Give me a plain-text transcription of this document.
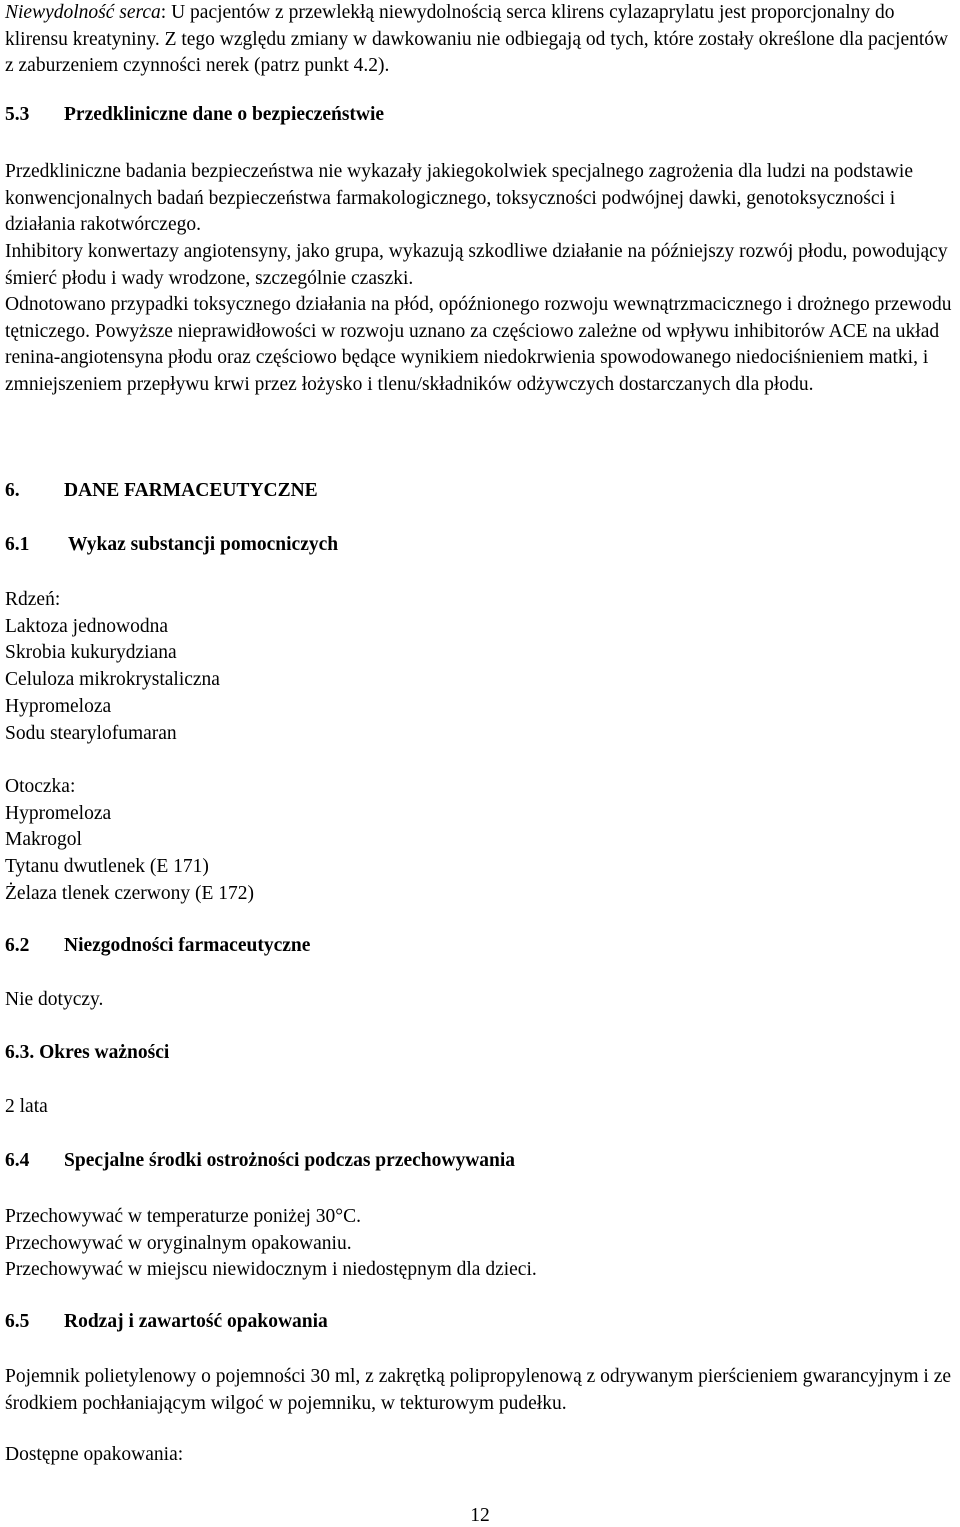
Niewydolność serca: U pacjentów z przewlekłą niewydolnością serca klirens cylazaprylatu jest proporcjonalny do klirensu kreatyniny. Z tego względu zmiany w dawkowaniu nie odbiegają od tych, które zostały określone dla pacjentów z zaburzeniem czynności nerek (patrz punkt 4.2).

5.3 Przedkliniczne dane o bezpieczeństwie

Przedkliniczne badania bezpieczeństwa nie wykazały jakiegokolwiek specjalnego zagrożenia dla ludzi na podstawie konwencjonalnych badań bezpieczeństwa farmakologicznego, toksyczności podwójnej dawki, genotoksyczności i działania rakotwórczego.

Inhibitory konwertazy angiotensyny, jako grupa, wykazują szkodliwe działanie na późniejszy rozwój płodu, powodujący śmierć płodu i wady wrodzone, szczególnie czaszki.

Odnotowano przypadki toksycznego działania na płód, opóźnionego rozwoju wewnątrzmacicznego i drożnego przewodu tętniczego. Powyższe nieprawidłowości w rozwoju uznano za częściowo zależne od wpływu inhibitorów ACE na układ renina-angiotensyna płodu oraz częściowo będące wynikiem niedokrwienia spowodowanego niedociśnieniem matki, i zmniejszeniem przepływu krwi przez łożysko i tlenu/składników odżywczych dostarczanych dla płodu.

6. DANE FARMACEUTYCZNE
6.1 Wykaz substancji pomocniczych
Rdzeń:
Laktoza jednowodna
Skrobia kukurydziana
Celuloza mikrokrystaliczna
Hypromeloza
Sodu stearylofumaran
Otoczka:
Hypromeloza
Makrogol
Tytanu dwutlenek (E 171)
Żelaza tlenek czerwony (E 172)
6.2 Niezgodności farmaceutyczne
Nie dotyczy.
6.3. Okres ważności
2 lata
6.4 Specjalne środki ostrożności podczas przechowywania
Przechowywać w temperaturze poniżej 30°C.
Przechowywać w oryginalnym opakowaniu.
Przechowywać w miejscu niewidocznym i niedostępnym dla dzieci.
6.5 Rodzaj i zawartość opakowania

Pojemnik polietylenowy o pojemności 30 ml, z zakrętką polipropylenową z odrywanym pierścieniem gwarancyjnym i ze środkiem pochłaniającym wilgoć w pojemniku, w tekturowym pudełku.

Dostępne opakowania:
12
